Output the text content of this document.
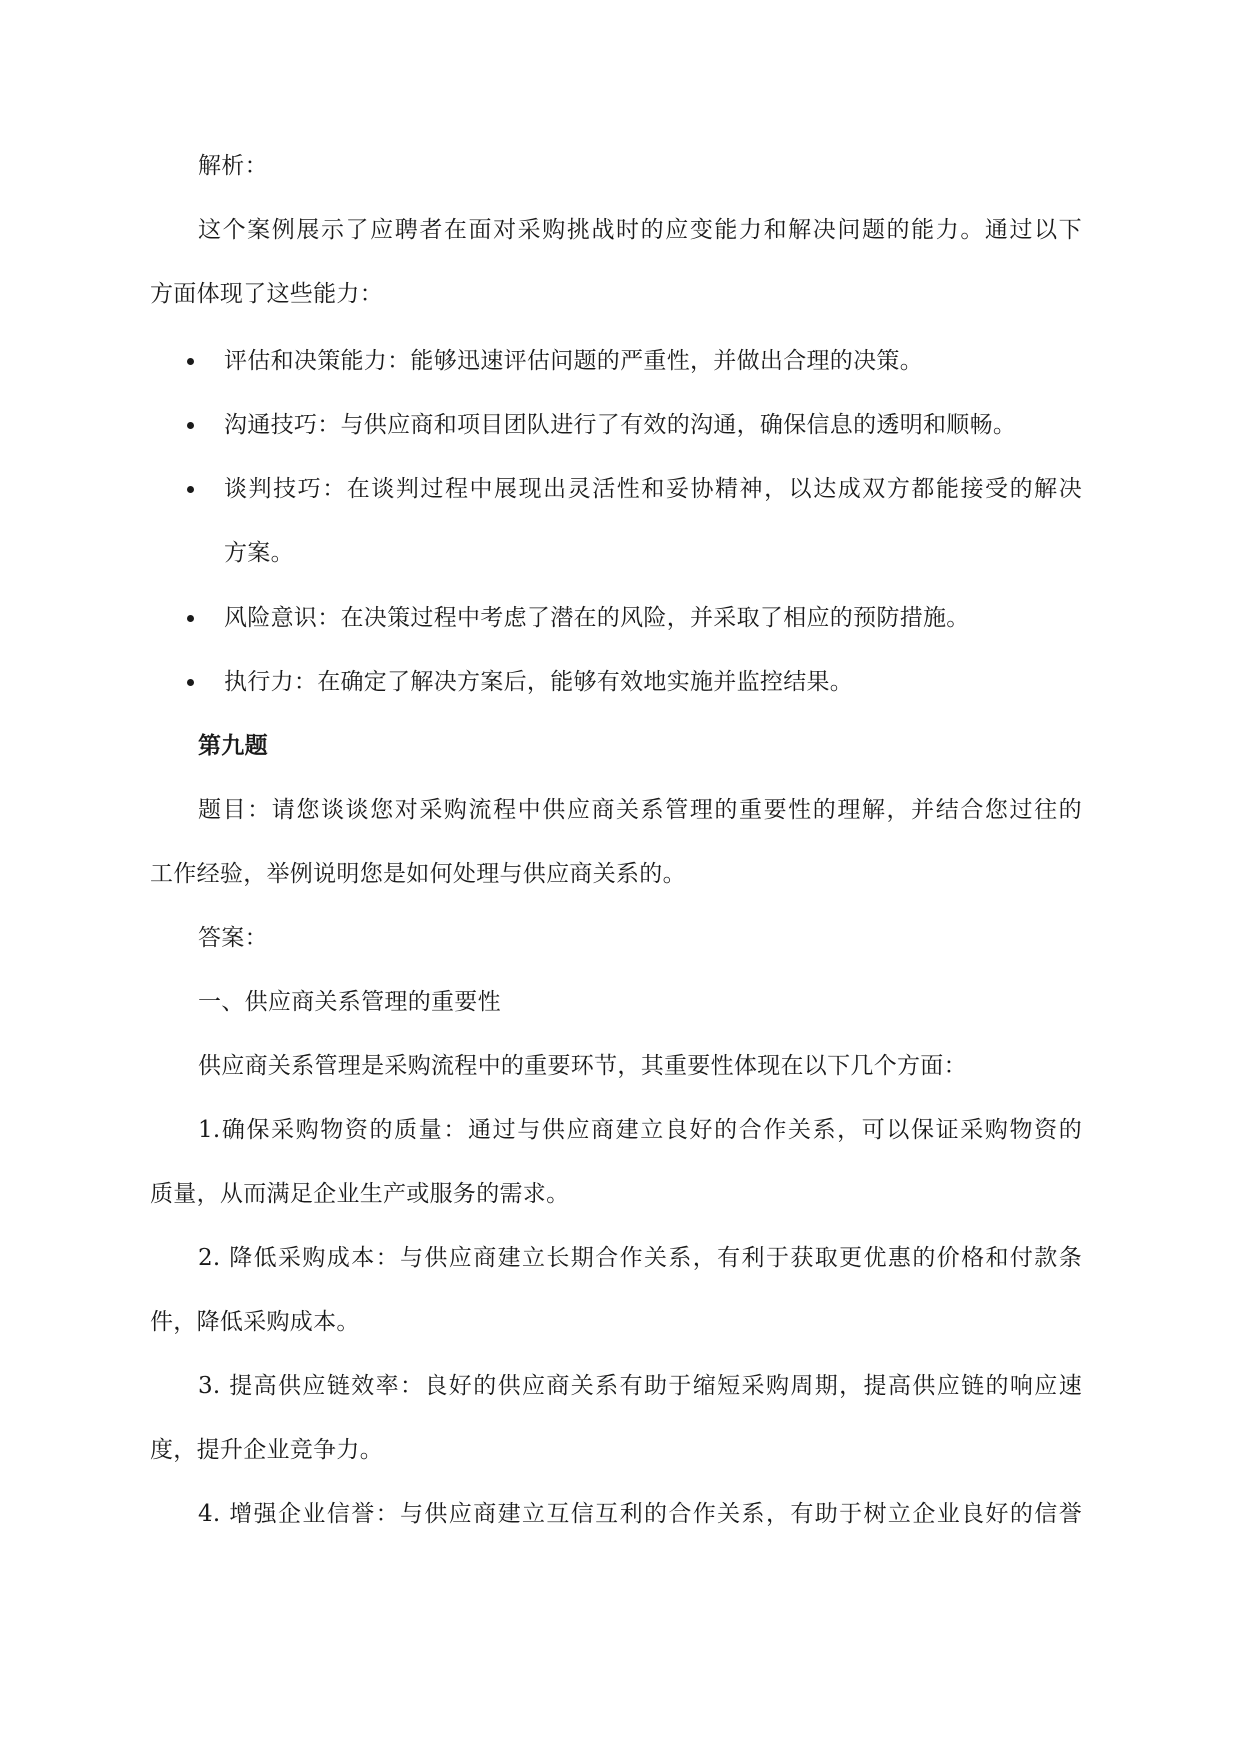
解析：
这个案例展示了应聘者在面对采购挑战时的应变能力和解决问题的能力。通过以下
方面体现了这些能力：
评估和决策能力：能够迅速评估问题的严重性，并做出合理的决策。
沟通技巧：与供应商和项目团队进行了有效的沟通，确保信息的透明和顺畅。
谈判技巧：在谈判过程中展现出灵活性和妥协精神，以达成双方都能接受的解决
方案。
风险意识：在决策过程中考虑了潜在的风险，并采取了相应的预防措施。
执行力：在确定了解决方案后，能够有效地实施并监控结果。
第九题
题目：请您谈谈您对采购流程中供应商关系管理的重要性的理解，并结合您过往的
工作经验，举例说明您是如何处理与供应商关系的。
答案：
一、供应商关系管理的重要性
供应商关系管理是采购流程中的重要环节，其重要性体现在以下几个方面：
1.确保采购物资的质量：通过与供应商建立良好的合作关系，可以保证采购物资的
质量，从而满足企业生产或服务的需求。
2. 降低采购成本：与供应商建立长期合作关系，有利于获取更优惠的价格和付款条
件，降低采购成本。
3. 提高供应链效率：良好的供应商关系有助于缩短采购周期，提高供应链的响应速
度，提升企业竞争力。
4. 增强企业信誉：与供应商建立互信互利的合作关系，有助于树立企业良好的信誉
